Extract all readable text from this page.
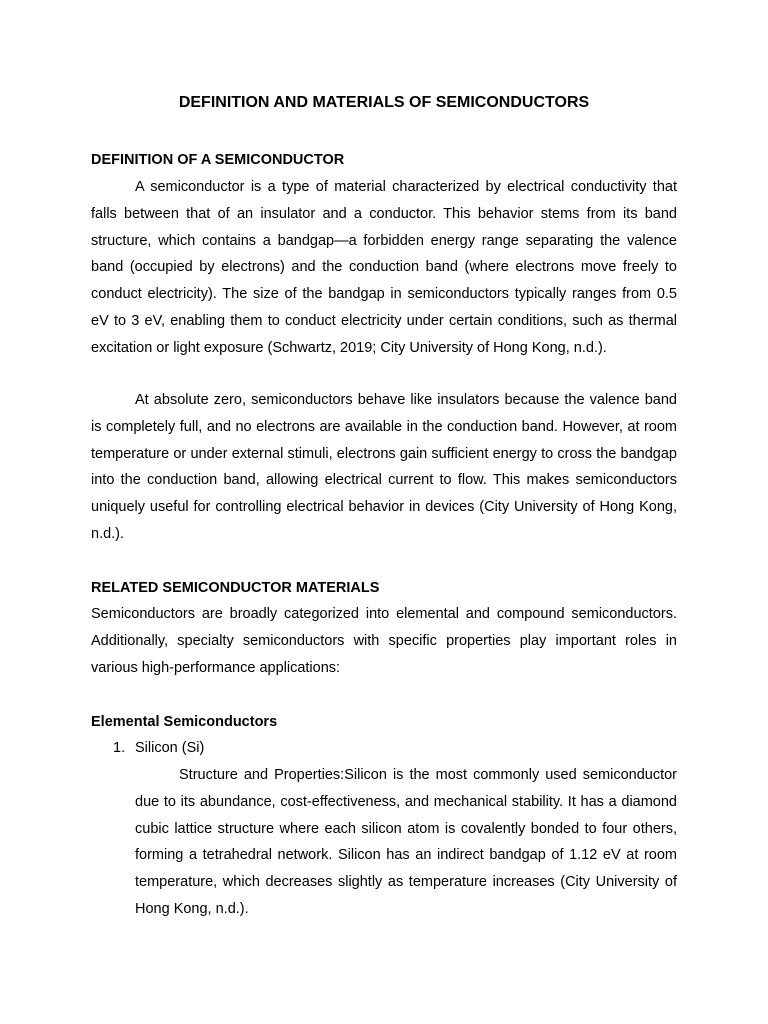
DEFINITION AND MATERIALS OF SEMICONDUCTORS
DEFINITION OF A SEMICONDUCTOR

A semiconductor is a type of material characterized by electrical conductivity that falls between that of an insulator and a conductor. This behavior stems from its band structure, which contains a bandgap—a forbidden energy range separating the valence band (occupied by electrons) and the conduction band (where electrons move freely to conduct electricity). The size of the bandgap in semiconductors typically ranges from 0.5 eV to 3 eV, enabling them to conduct electricity under certain conditions, such as thermal excitation or light exposure (Schwartz, 2019; City University of Hong Kong, n.d.).

At absolute zero, semiconductors behave like insulators because the valence band is completely full, and no electrons are available in the conduction band. However, at room temperature or under external stimuli, electrons gain sufficient energy to cross the bandgap into the conduction band, allowing electrical current to flow. This makes semiconductors uniquely useful for controlling electrical behavior in devices (City University of Hong Kong, n.d.).

RELATED SEMICONDUCTOR MATERIALS

Semiconductors are broadly categorized into elemental and compound semiconductors. Additionally, specialty semiconductors with specific properties play important roles in various high-performance applications:

Elemental Semiconductors
1. Silicon (Si)

Structure and Properties:Silicon is the most commonly used semiconductor due to its abundance, cost-effectiveness, and mechanical stability. It has a diamond cubic lattice structure where each silicon atom is covalently bonded to four others, forming a tetrahedral network. Silicon has an indirect bandgap of 1.12 eV at room temperature, which decreases slightly as temperature increases (City University of Hong Kong, n.d.).
